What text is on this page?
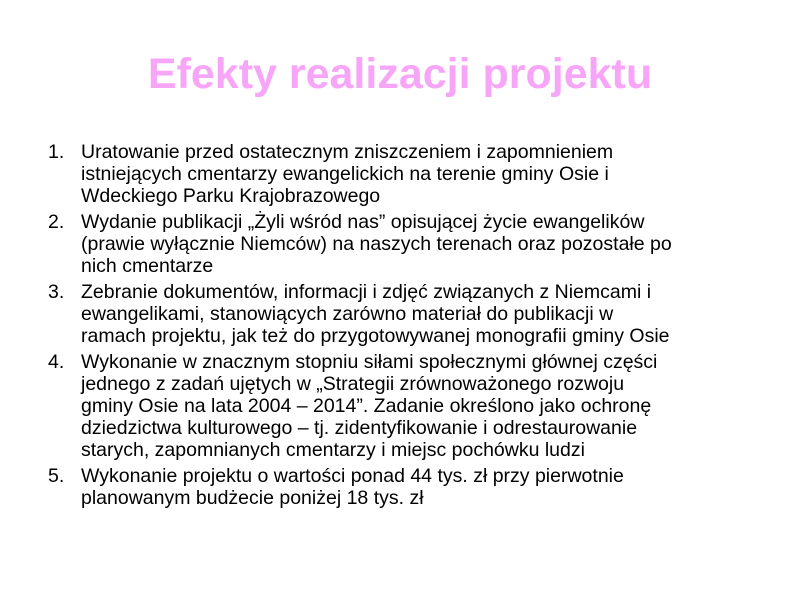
Efekty realizacji projektu
1. Uratowanie przed ostatecznym zniszczeniem i zapomnieniem
istniejących cmentarzy ewangelickich na terenie gminy Osie i
Wdeckiego Parku Krajobrazowego
2. Wydanie publikacji „Żyli wśród nas” opisującej życie ewangelików
(prawie wyłącznie Niemców) na naszych terenach oraz pozostałe po
nich cmentarze
3. Zebranie dokumentów, informacji i zdjęć związanych z Niemcami i
ewangelikami, stanowiących zarówno materiał do publikacji w
ramach projektu, jak też do przygotowywanej monografii gminy Osie
4. Wykonanie w znacznym stopniu siłami społecznymi głównej części
jednego z zadań ujętych w „Strategii zrównoważonego rozwoju
gminy Osie na lata 2004 – 2014”. Zadanie określono jako ochronę
dziedzictwa kulturowego – tj. zidentyfikowanie i odrestaurowanie
starych, zapomnianych cmentarzy i miejsc pochówku ludzi
5. Wykonanie projektu o wartości ponad 44 tys. zł przy pierwotnie
planowanym budżecie poniżej 18 tys. zł
